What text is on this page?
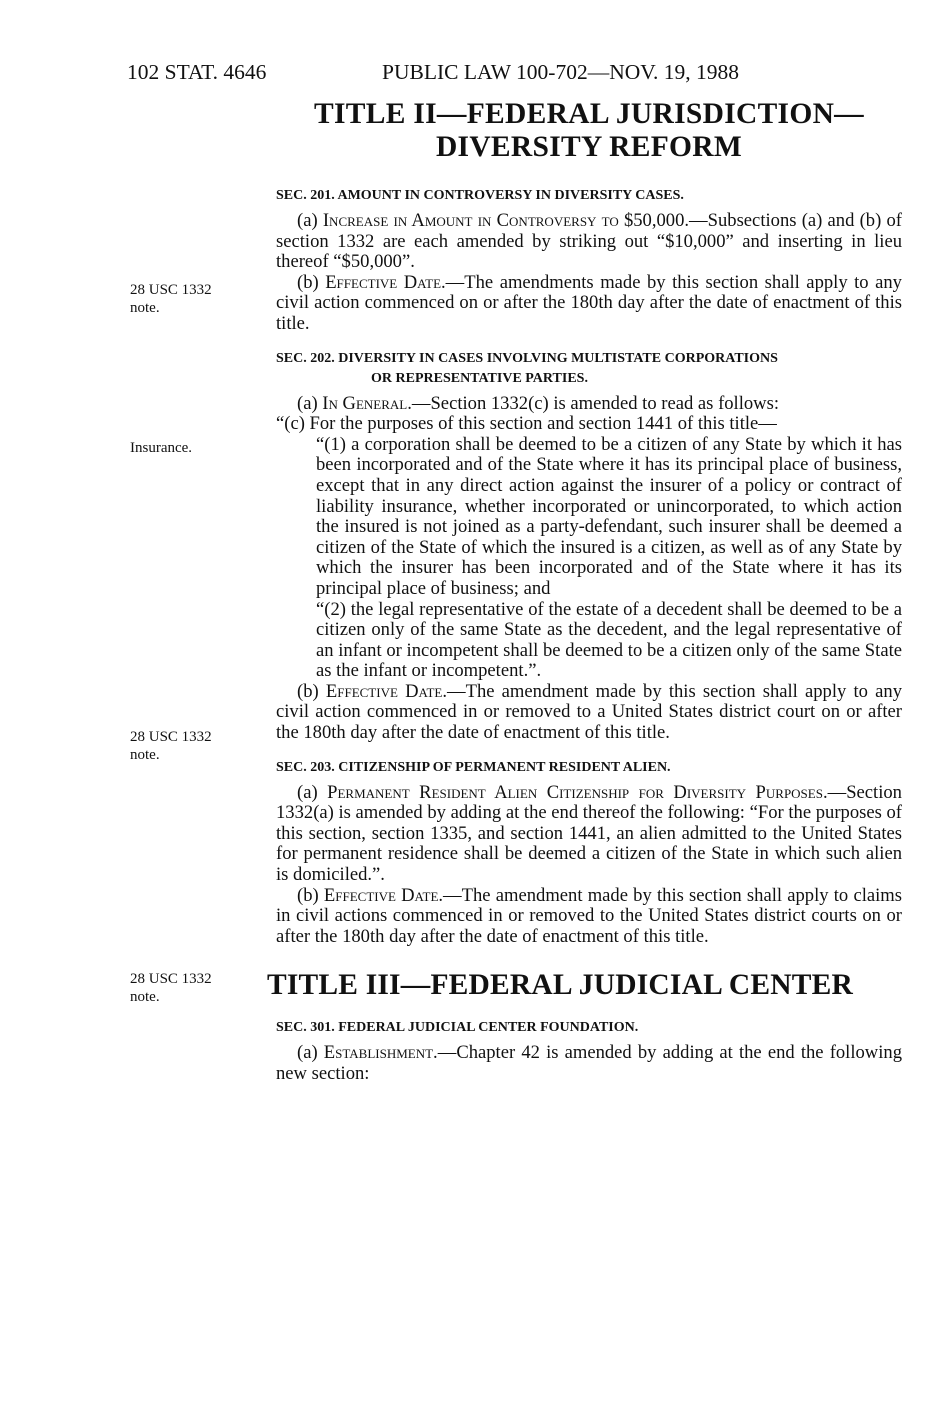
102 STAT. 4646	PUBLIC LAW 100-702—NOV. 19, 1988
28 USC 1332
note.
Insurance.
28 USC 1332
note.
28 USC 1332
note.
TITLE II—FEDERAL JURISDICTION—
DIVERSITY REFORM
SEC. 201. AMOUNT IN CONTROVERSY IN DIVERSITY CASES.

(a) Increase in Amount in Controversy to $50,000.—Subsections (a) and (b) of section 1332 are each amended by striking out “$10,000” and inserting in lieu thereof “$50,000”.

(b) Effective Date.—The amendments made by this section shall apply to any civil action commenced on or after the 180th day after the date of enactment of this title.

SEC. 202. DIVERSITY IN CASES INVOLVING MULTISTATE CORPORATIONS
OR REPRESENTATIVE PARTIES.

(a) In General.—Section 1332(c) is amended to read as follows:

“(c) For the purposes of this section and section 1441 of this title—

“(1) a corporation shall be deemed to be a citizen of any State by which it has been incorporated and of the State where it has its principal place of business, except that in any direct action against the insurer of a policy or contract of liability insurance, whether incorporated or unincorporated, to which action the insured is not joined as a party-defendant, such insurer shall be deemed a citizen of the State of which the insured is a citizen, as well as of any State by which the insurer has been incorporated and of the State where it has its principal place of business; and

“(2) the legal representative of the estate of a decedent shall be deemed to be a citizen only of the same State as the decedent, and the legal representative of an infant or incompetent shall be deemed to be a citizen only of the same State as the infant or incompetent.”.

(b) Effective Date.—The amendment made by this section shall apply to any civil action commenced in or removed to a United States district court on or after the 180th day after the date of enactment of this title.

SEC. 203. CITIZENSHIP OF PERMANENT RESIDENT ALIEN.

(a) Permanent Resident Alien Citizenship for Diversity Purposes.—Section 1332(a) is amended by adding at the end thereof the following: “For the purposes of this section, section 1335, and section 1441, an alien admitted to the United States for permanent residence shall be deemed a citizen of the State in which such alien is domiciled.”.

(b) Effective Date.—The amendment made by this section shall apply to claims in civil actions commenced in or removed to the United States district courts on or after the 180th day after the date of enactment of this title.

TITLE III—FEDERAL JUDICIAL CENTER
SEC. 301. FEDERAL JUDICIAL CENTER FOUNDATION.

(a) Establishment.—Chapter 42 is amended by adding at the end the following new section:
